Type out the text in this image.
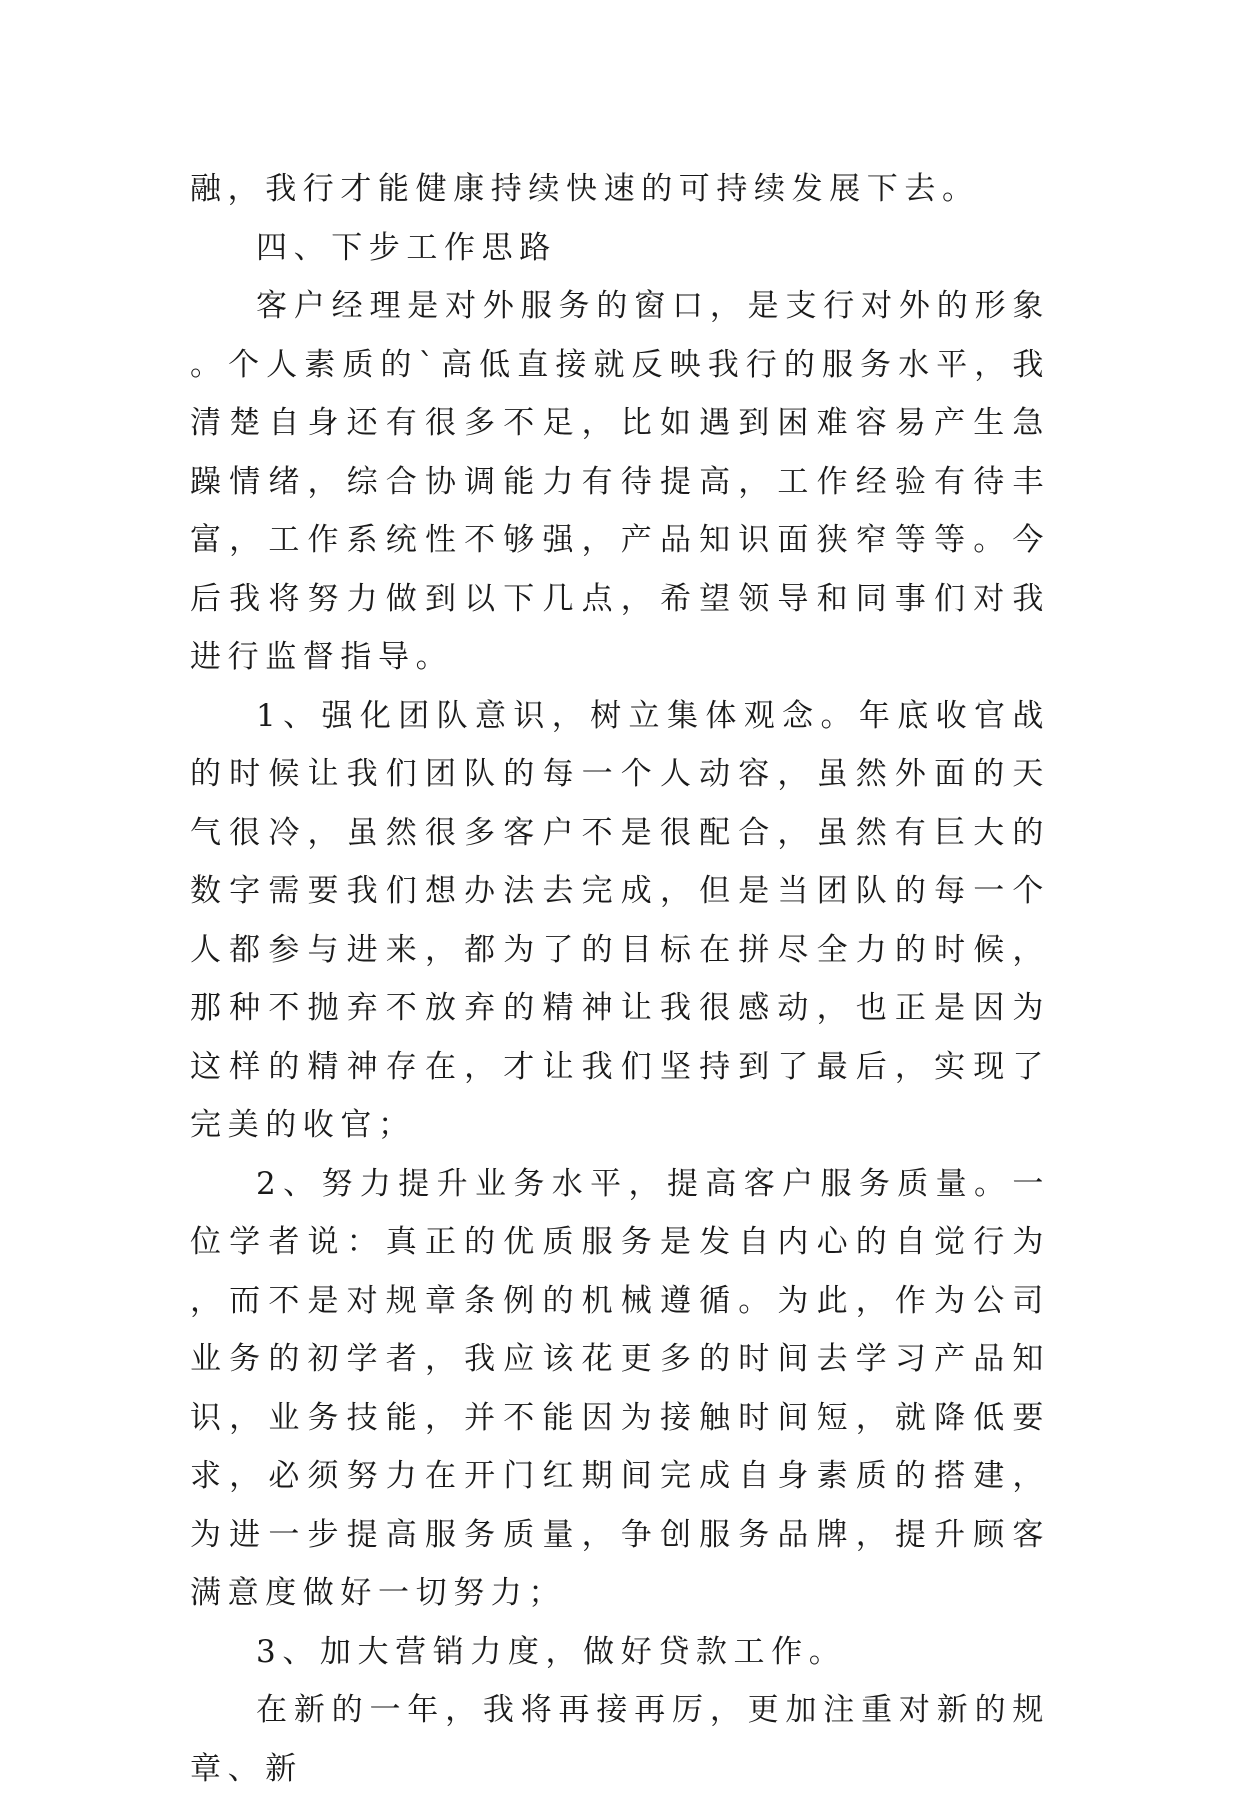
融，我行才能健康持续快速的可持续发展下去。

四、下步工作思路

客户经理是对外服务的窗口，是支行对外的形象。个人素质的`高低直接就反映我行的服务水平，我清楚自身还有很多不足，比如遇到困难容易产生急躁情绪，综合协调能力有待提高，工作经验有待丰富，工作系统性不够强，产品知识面狭窄等等。今后我将努力做到以下几点，希望领导和同事们对我进行监督指导。

1、强化团队意识，树立集体观念。年底收官战的时候让我们团队的每一个人动容，虽然外面的天气很冷，虽然很多客户不是很配合，虽然有巨大的数字需要我们想办法去完成，但是当团队的每一个人都参与进来，都为了的目标在拼尽全力的时候，那种不抛弃不放弃的精神让我很感动，也正是因为这样的精神存在，才让我们坚持到了最后，实现了完美的收官；

2、努力提升业务水平，提高客户服务质量。一位学者说：真正的优质服务是发自内心的自觉行为，而不是对规章条例的机械遵循。为此，作为公司业务的初学者，我应该花更多的时间去学习产品知识，业务技能，并不能因为接触时间短，就降低要求，必须努力在开门红期间完成自身素质的搭建，为进一步提高服务质量，争创服务品牌，提升顾客满意度做好一切努力；

3、加大营销力度，做好贷款工作。

在新的一年，我将再接再厉，更加注重对新的规章、新
